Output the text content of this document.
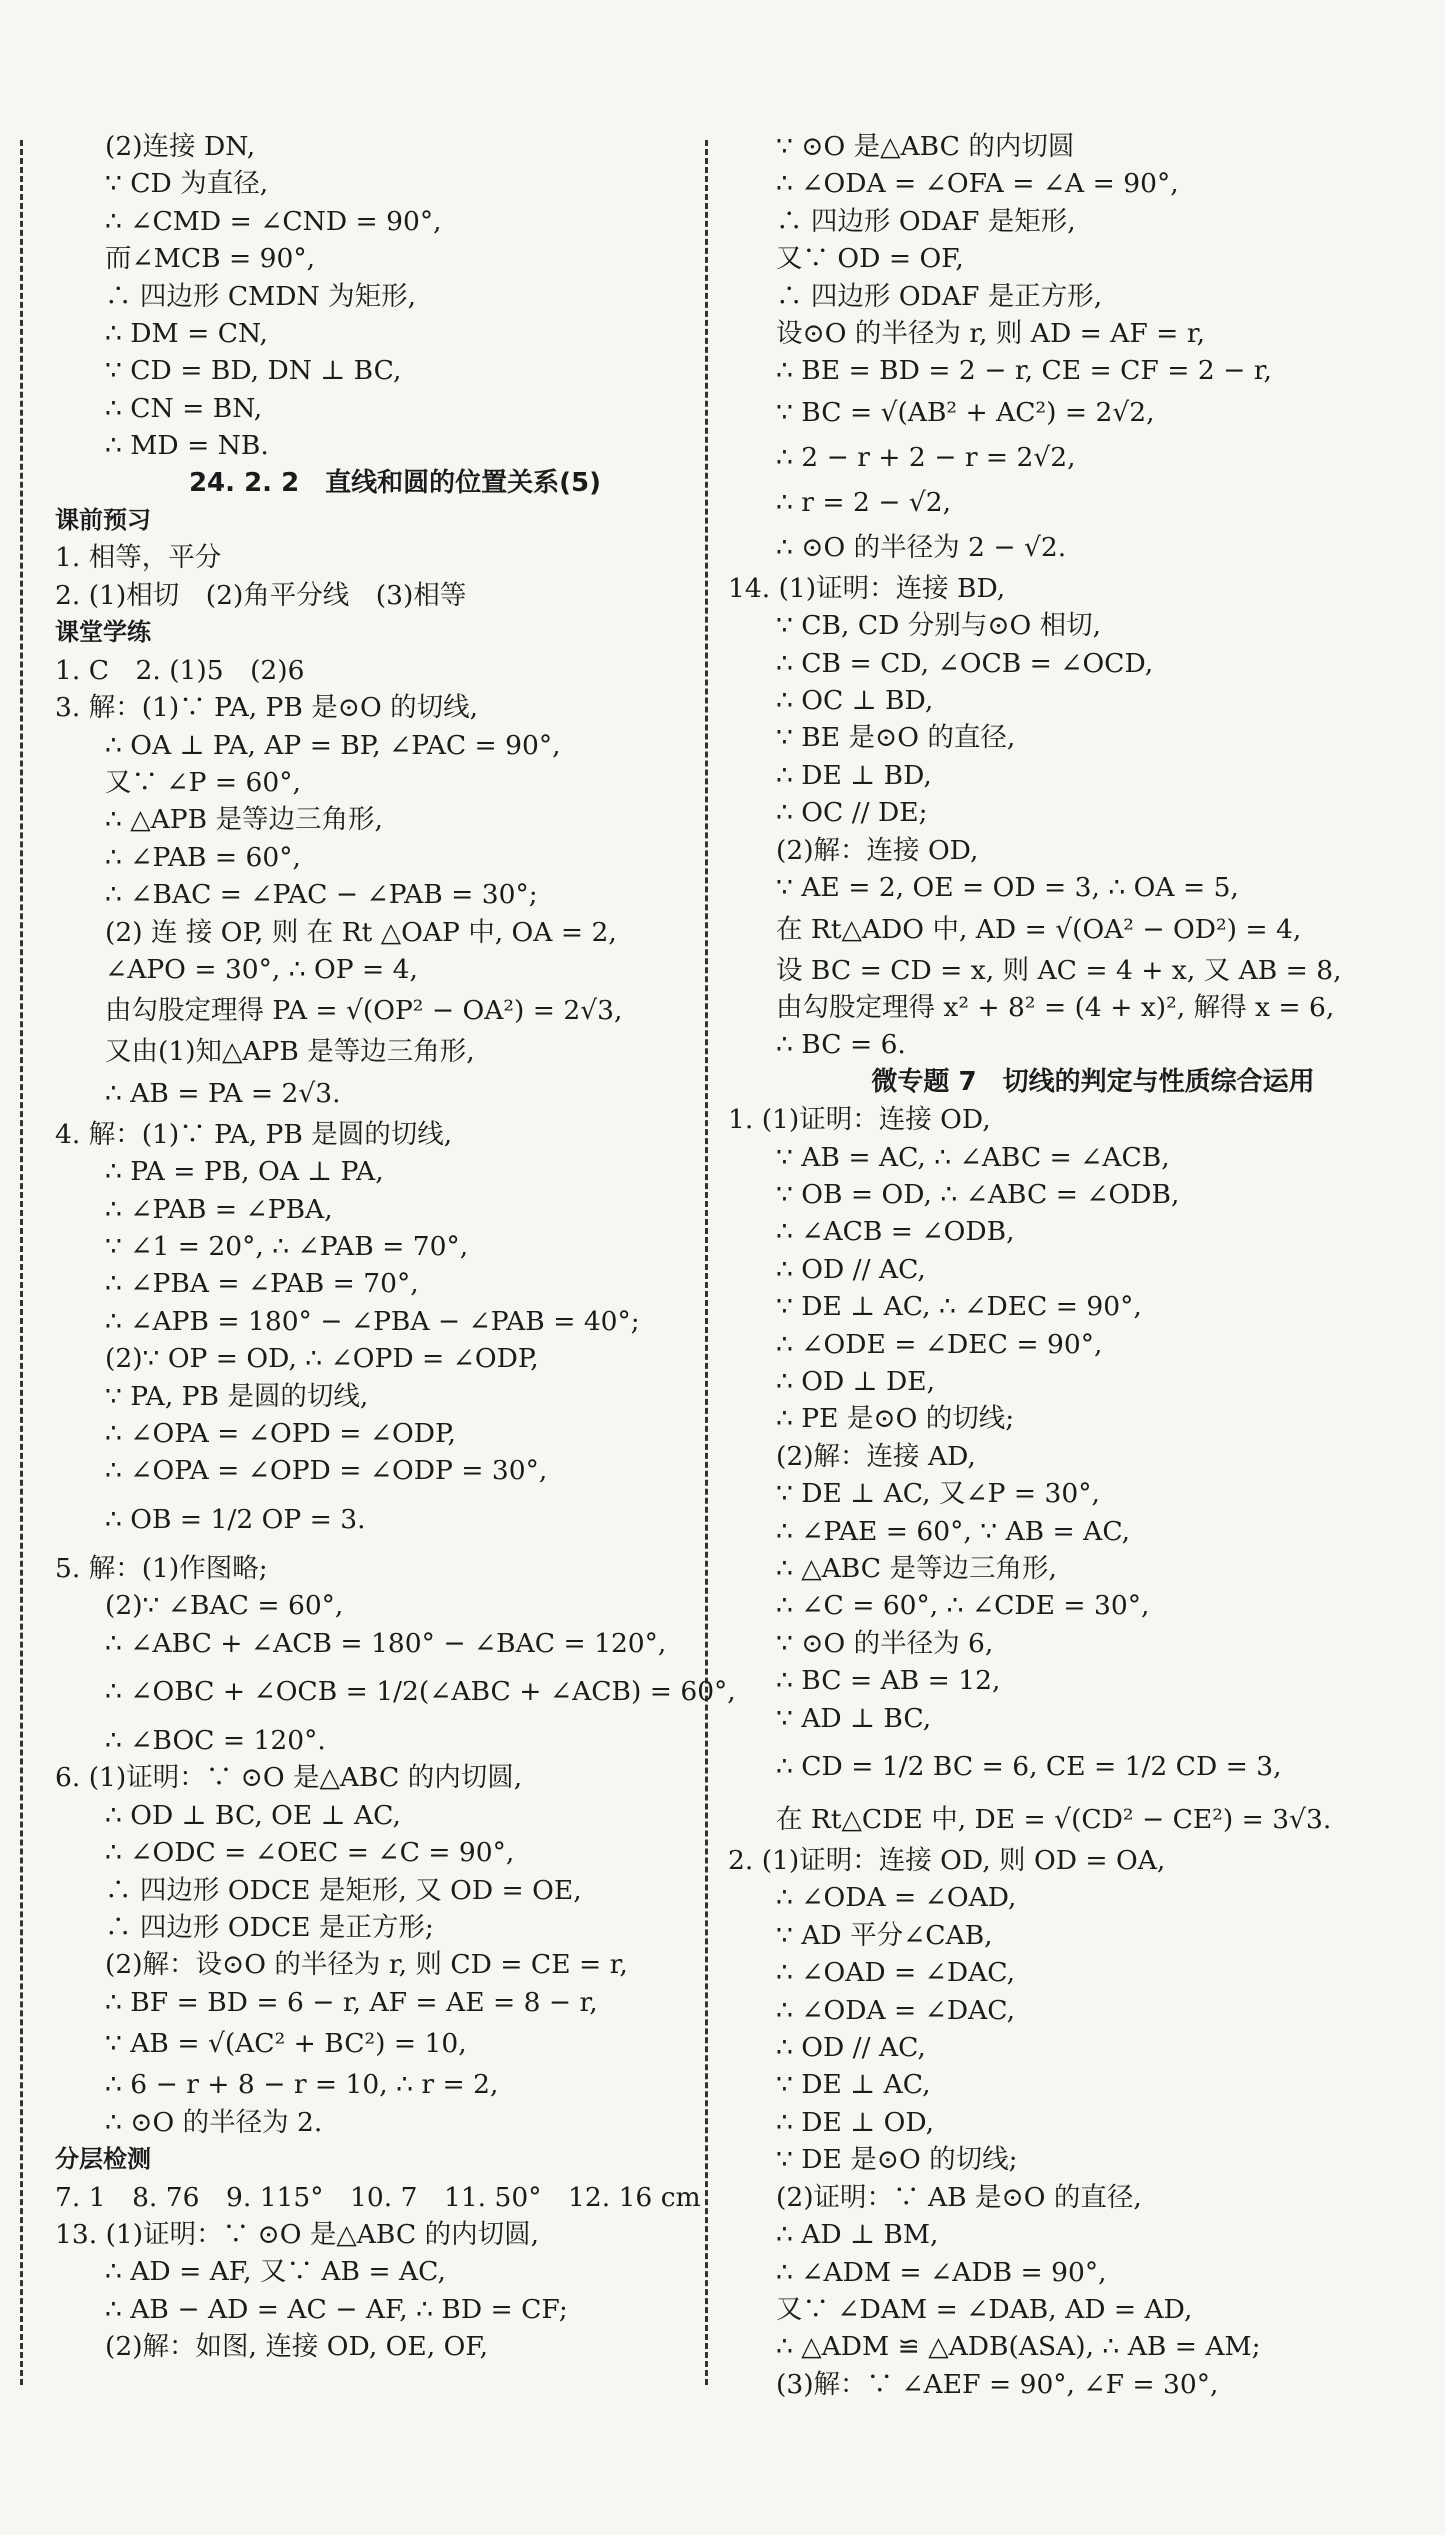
(2)连接 DN,
∵ CD 为直径,
∴ ∠CMD = ∠CND = 90°,
而∠MCB = 90°,
∴ 四边形 CMDN 为矩形,
∴ DM = CN,
∵ CD = BD, DN ⊥ BC,
∴ CN = BN,
∴ MD = NB.
24. 2. 2　直线和圆的位置关系(5)
课前预习
1. 相等，平分
2. (1)相切　(2)角平分线　(3)相等
课堂学练
1. C　2. (1)5　(2)6
3. 解：(1)∵ PA, PB 是⊙O 的切线,
∴ OA ⊥ PA, AP = BP, ∠PAC = 90°,
又∵ ∠P = 60°,
∴ △APB 是等边三角形,
∴ ∠PAB = 60°,
∴ ∠BAC = ∠PAC − ∠PAB = 30°;
(2) 连 接 OP, 则 在 Rt △OAP 中, OA = 2,
∠APO = 30°, ∴ OP = 4,
由勾股定理得 PA = √(OP² − OA²) = 2√3,
又由(1)知△APB 是等边三角形,
∴ AB = PA = 2√3.
4. 解：(1)∵ PA, PB 是圆的切线,
∴ PA = PB, OA ⊥ PA,
∴ ∠PAB = ∠PBA,
∵ ∠1 = 20°, ∴ ∠PAB = 70°,
∴ ∠PBA = ∠PAB = 70°,
∴ ∠APB = 180° − ∠PBA − ∠PAB = 40°;
(2)∵ OP = OD, ∴ ∠OPD = ∠ODP,
∵ PA, PB 是圆的切线,
∴ ∠OPA = ∠OPD = ∠ODP,
∴ ∠OPA = ∠OPD = ∠ODP = 30°,
∴ OB = 1/2 OP = 3.
5. 解：(1)作图略;
(2)∵ ∠BAC = 60°,
∴ ∠ABC + ∠ACB = 180° − ∠BAC = 120°,
∴ ∠OBC + ∠OCB = 1/2(∠ABC + ∠ACB) = 60°,
∴ ∠BOC = 120°.
6. (1)证明：∵ ⊙O 是△ABC 的内切圆,
∴ OD ⊥ BC, OE ⊥ AC,
∴ ∠ODC = ∠OEC = ∠C = 90°,
∴ 四边形 ODCE 是矩形, 又 OD = OE,
∴ 四边形 ODCE 是正方形;
(2)解：设⊙O 的半径为 r, 则 CD = CE = r,
∴ BF = BD = 6 − r, AF = AE = 8 − r,
∵ AB = √(AC² + BC²) = 10,
∴ 6 − r + 8 − r = 10, ∴ r = 2,
∴ ⊙O 的半径为 2.
分层检测
7. 1　8. 76　9. 115°　10. 7　11. 50°　12. 16 cm
13. (1)证明：∵ ⊙O 是△ABC 的内切圆,
∴ AD = AF, 又∵ AB = AC,
∴ AB − AD = AC − AF, ∴ BD = CF;
(2)解：如图, 连接 OD, OE, OF,
∵ ⊙O 是△ABC 的内切圆
∴ ∠ODA = ∠OFA = ∠A = 90°,
∴ 四边形 ODAF 是矩形,
又∵ OD = OF,
∴ 四边形 ODAF 是正方形,
设⊙O 的半径为 r, 则 AD = AF = r,
∴ BE = BD = 2 − r, CE = CF = 2 − r,
∵ BC = √(AB² + AC²) = 2√2,
∴ 2 − r + 2 − r = 2√2,
∴ r = 2 − √2,
∴ ⊙O 的半径为 2 − √2.
14. (1)证明：连接 BD,
∵ CB, CD 分别与⊙O 相切,
∴ CB = CD, ∠OCB = ∠OCD,
∴ OC ⊥ BD,
∵ BE 是⊙O 的直径,
∴ DE ⊥ BD,
∴ OC // DE;
(2)解：连接 OD,
∵ AE = 2, OE = OD = 3, ∴ OA = 5,
在 Rt△ADO 中, AD = √(OA² − OD²) = 4,
设 BC = CD = x, 则 AC = 4 + x, 又 AB = 8,
由勾股定理得 x² + 8² = (4 + x)², 解得 x = 6,
∴ BC = 6.
微专题 7　切线的判定与性质综合运用
1. (1)证明：连接 OD,
∵ AB = AC, ∴ ∠ABC = ∠ACB,
∵ OB = OD, ∴ ∠ABC = ∠ODB,
∴ ∠ACB = ∠ODB,
∴ OD // AC,
∵ DE ⊥ AC, ∴ ∠DEC = 90°,
∴ ∠ODE = ∠DEC = 90°,
∴ OD ⊥ DE,
∴ PE 是⊙O 的切线;
(2)解：连接 AD,
∵ DE ⊥ AC, 又∠P = 30°,
∴ ∠PAE = 60°, ∵ AB = AC,
∴ △ABC 是等边三角形,
∴ ∠C = 60°, ∴ ∠CDE = 30°,
∵ ⊙O 的半径为 6,
∴ BC = AB = 12,
∵ AD ⊥ BC,
∴ CD = 1/2 BC = 6, CE = 1/2 CD = 3,
在 Rt△CDE 中, DE = √(CD² − CE²) = 3√3.
2. (1)证明：连接 OD, 则 OD = OA,
∴ ∠ODA = ∠OAD,
∵ AD 平分∠CAB,
∴ ∠OAD = ∠DAC,
∴ ∠ODA = ∠DAC,
∴ OD // AC,
∵ DE ⊥ AC,
∴ DE ⊥ OD,
∵ DE 是⊙O 的切线;
(2)证明：∵ AB 是⊙O 的直径,
∴ AD ⊥ BM,
∴ ∠ADM = ∠ADB = 90°,
又∵ ∠DAM = ∠DAB, AD = AD,
∴ △ADM ≌ △ADB(ASA), ∴ AB = AM;
(3)解：∵ ∠AEF = 90°, ∠F = 30°,
